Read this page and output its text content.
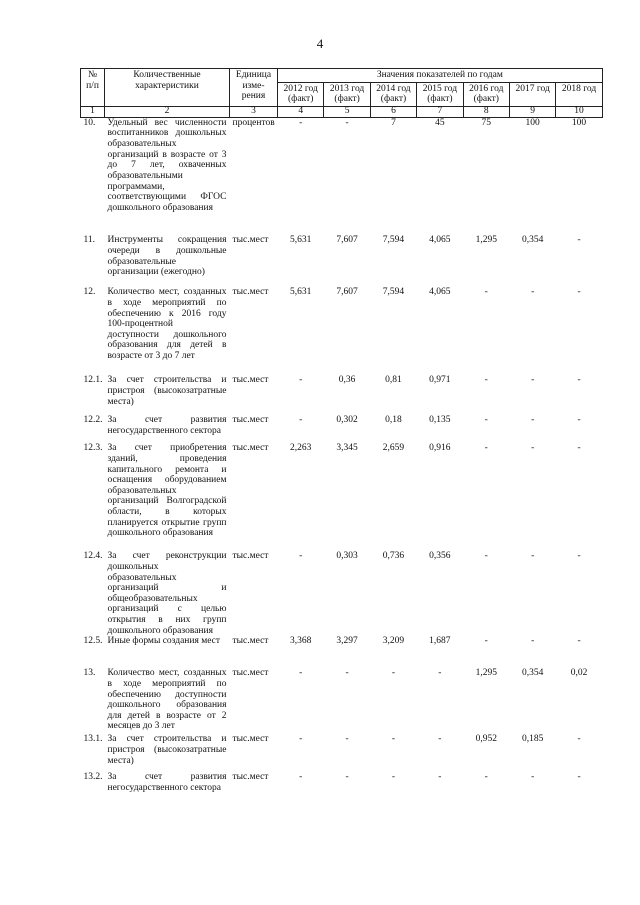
4
№ п/п	Количественные характеристики	Единица изме-рения	Значения показателей по годам						
			2012 год (факт)	2013 год (факт)	2014 год (факт)	2015 год (факт)	2016 год (факт)	2017 год	2018 год
1	2	3	4	5	6	7	8	9	10
10.	Удельный вес численности воспитанников дошкольных образовательных организаций в возрасте от 3 до 7 лет, охваченных образовательными программами, соответствующими ФГОС дошкольного образования	процентов	-	-	7	45	75	100	100
11.	Инструменты сокращения очереди в дошкольные образовательные организации (ежегодно)	тыс.мест	5,631	7,607	7,594	4,065	1,295	0,354	-
12.	Количество мест, созданных в ходе мероприятий по обеспечению к 2016 году 100-процентной доступности дошкольного образования для детей в возрасте от 3 до 7 лет	тыс.мест	5,631	7,607	7,594	4,065	-	-	-
12.1.	За счет строительства и пристроя (высокозатратные места)	тыс.мест	-	0,36	0,81	0,971	-	-	-
12.2.	За счет развития негосударственного сектора	тыс.мест	-	0,302	0,18	0,135	-	-	-
12.3.	За счет приобретения зданий, проведения капитального ремонта и оснащения оборудованием образовательных организаций Волгоградской области, в которых планируется открытие групп дошкольного образования	тыс.мест	2,263	3,345	2,659	0,916	-	-	-
12.4.	За счет реконструкции дошкольных образовательных организаций и общеобразовательных организаций с целью открытия в них групп дошкольного образования	тыс.мест	-	0,303	0,736	0,356	-	-	-
12.5.	Иные формы создания мест	тыс.мест	3,368	3,297	3,209	1,687	-	-	-
13.	Количество мест, созданных в ходе мероприятий по обеспечению доступности дошкольного образования для детей в возрасте от 2 месяцев до 3 лет	тыс.мест	-	-	-	-	1,295	0,354	0,02
13.1.	За счет строительства и пристроя (высокозатратные места)	тыс.мест	-	-	-	-	0,952	0,185	-
13.2.	За счет развития негосударственного сектора	тыс.мест	-	-	-	-	-	-	-
